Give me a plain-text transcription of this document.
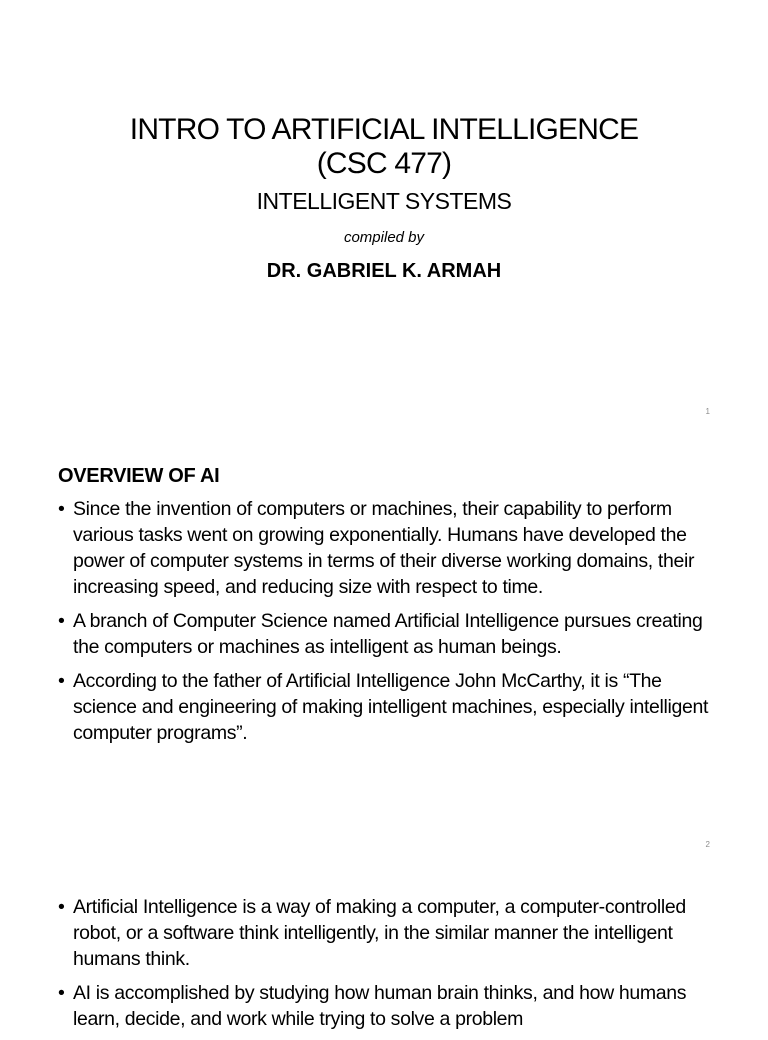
INTRO TO ARTIFICIAL INTELLIGENCE
(CSC 477)
INTELLIGENT SYSTEMS
compiled by
DR. GABRIEL K. ARMAH
1
OVERVIEW OF AI
• Since the invention of computers or machines, their capability to perform various tasks went on growing exponentially. Humans have developed the power of computer systems in terms of their diverse working domains, their increasing speed, and reducing size with respect to time.
• A branch of Computer Science named Artificial Intelligence pursues creating the computers or machines as intelligent as human beings.
• According to the father of Artificial Intelligence John McCarthy, it is “The science and engineering of making intelligent machines, especially intelligent computer programs”.
2
• Artificial Intelligence is a way of making a computer, a computer-controlled robot, or a software think intelligently, in the similar manner the intelligent humans think.
• AI is accomplished by studying how human brain thinks, and how humans learn, decide, and work while trying to solve a problem
